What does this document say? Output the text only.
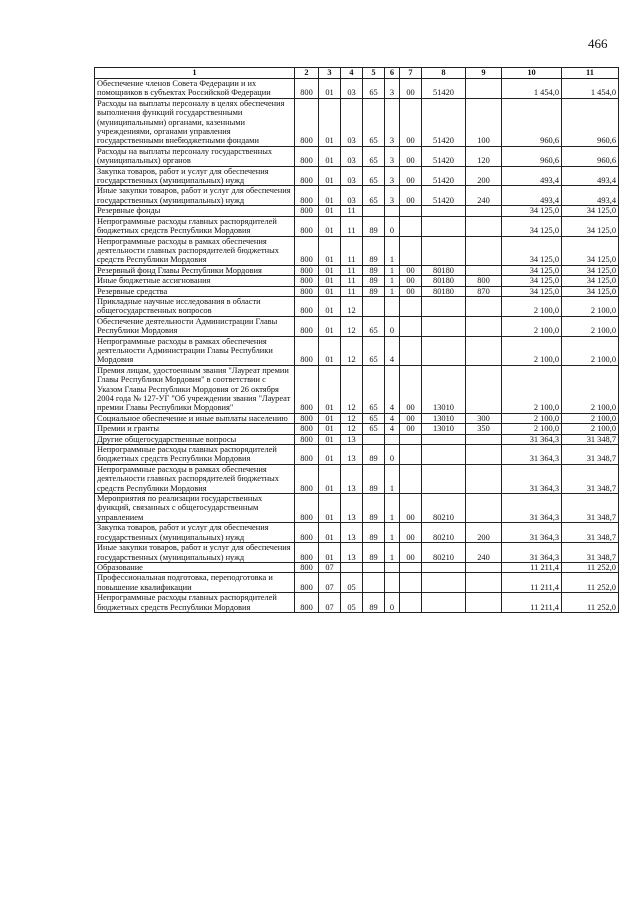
466
1	2	3	4	5	6	7	8	9	10	11
Обеспечение членов Совета Федерации и их помощников в субъектах Российской Федерации	800	01	03	65	3	00	51420		1 454,0	1 454,0
Расходы на выплаты персоналу в целях обеспечения выполнения функций государственными (муниципальными) органами, казенными учреждениями, органами управления государственными внебюджетными фондами	800	01	03	65	3	00	51420	100	960,6	960,6
Расходы на выплаты персоналу государственных (муниципальных) органов	800	01	03	65	3	00	51420	120	960,6	960,6
Закупка товаров, работ и услуг для обеспечения государственных (муниципальных) нужд	800	01	03	65	3	00	51420	200	493,4	493,4
Иные закупки товаров, работ и услуг для обеспечения государственных (муниципальных) нужд	800	01	03	65	3	00	51420	240	493,4	493,4
Резервные фонды	800	01	11						34 125,0	34 125,0
Непрограммные расходы главных распорядителей бюджетных средств Республики Мордовия	800	01	11	89	0				34 125,0	34 125,0
Непрограммные расходы в рамках обеспечения деятельности главных распорядителей бюджетных средств Республики Мордовия	800	01	11	89	1				34 125,0	34 125,0
Резервный фонд Главы Республики Мордовия	800	01	11	89	1	00	80180		34 125,0	34 125,0
Иные бюджетные ассигнования	800	01	11	89	1	00	80180	800	34 125,0	34 125,0
Резервные средства	800	01	11	89	1	00	80180	870	34 125,0	34 125,0
Прикладные научные исследования в области общегосударственных вопросов	800	01	12						2 100,0	2 100,0
Обеспечение деятельности Администрации Главы Республики Мордовия	800	01	12	65	0				2 100,0	2 100,0
Непрограммные расходы в рамках обеспечения деятельности Администрации Главы Республики Мордовия	800	01	12	65	4				2 100,0	2 100,0
Премия лицам, удостоенным звания "Лауреат премии Главы Республики Мордовия" в соответствии с Указом Главы Республики Мордовия от 26 октября 2004 года № 127-УГ "Об учреждении звания "Лауреат премии Главы Республики Мордовия"	800	01	12	65	4	00	13010		2 100,0	2 100,0
Социальное обеспечение и иные выплаты населению	800	01	12	65	4	00	13010	300	2 100,0	2 100,0
Премии и гранты	800	01	12	65	4	00	13010	350	2 100,0	2 100,0
Другие общегосударственные вопросы	800	01	13						31 364,3	31 348,7
Непрограммные расходы главных распорядителей бюджетных средств Республики Мордовия	800	01	13	89	0				31 364,3	31 348,7
Непрограммные расходы в рамках обеспечения деятельности главных распорядителей бюджетных средств Республики Мордовия	800	01	13	89	1				31 364,3	31 348,7
Мероприятия по реализации государственных функций, связанных с общегосударственным управлением	800	01	13	89	1	00	80210		31 364,3	31 348,7
Закупка товаров, работ и услуг для обеспечения государственных (муниципальных) нужд	800	01	13	89	1	00	80210	200	31 364,3	31 348,7
Иные закупки товаров, работ и услуг для обеспечения государственных (муниципальных) нужд	800	01	13	89	1	00	80210	240	31 364,3	31 348,7
Образование	800	07							11 211,4	11 252,0
Профессиональная подготовка, переподготовка и повышение квалификации	800	07	05						11 211,4	11 252,0
Непрограммные расходы главных распорядителей бюджетных средств Республики Мордовия	800	07	05	89	0				11 211,4	11 252,0
